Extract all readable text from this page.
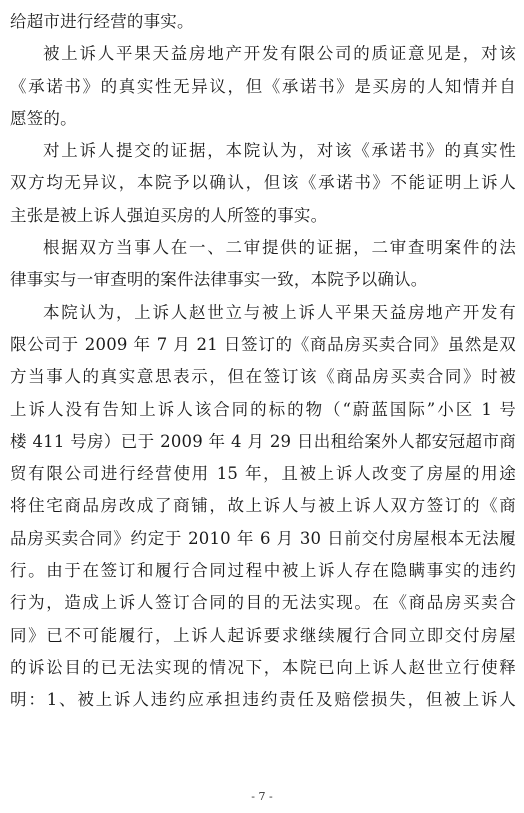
给超市进行经营的事实。
被上诉人平果天益房地产开发有限公司的质证意见是，对该
《承诺书》的真实性无异议，但《承诺书》是买房的人知情并自
愿签的。
对上诉人提交的证据，本院认为，对该《承诺书》的真实性
双方均无异议，本院予以确认，但该《承诺书》不能证明上诉人
主张是被上诉人强迫买房的人所签的事实。
根据双方当事人在一、二审提供的证据，二审查明案件的法
律事实与一审查明的案件法律事实一致，本院予以确认。
本院认为，上诉人赵世立与被上诉人平果天益房地产开发有
限公司于 2009 年 7 月 21 日签订的《商品房买卖合同》虽然是双
方当事人的真实意思表示，但在签订该《商品房买卖合同》时被
上诉人没有告知上诉人该合同的标的物（“蔚蓝国际”小区 1 号
楼 411 号房）已于 2009 年 4 月 29 日出租给案外人都安冠超市商
贸有限公司进行经营使用 15 年，且被上诉人改变了房屋的用途
将住宅商品房改成了商铺，故上诉人与被上诉人双方签订的《商
品房买卖合同》约定于 2010 年 6 月 30 日前交付房屋根本无法履
行。由于在签订和履行合同过程中被上诉人存在隐瞒事实的违约
行为，造成上诉人签订合同的目的无法实现。在《商品房买卖合
同》已不可能履行，上诉人起诉要求继续履行合同立即交付房屋
的诉讼目的已无法实现的情况下，本院已向上诉人赵世立行使释
明：1、被上诉人违约应承担违约责任及赔偿损失，但被上诉人
- 7 -
